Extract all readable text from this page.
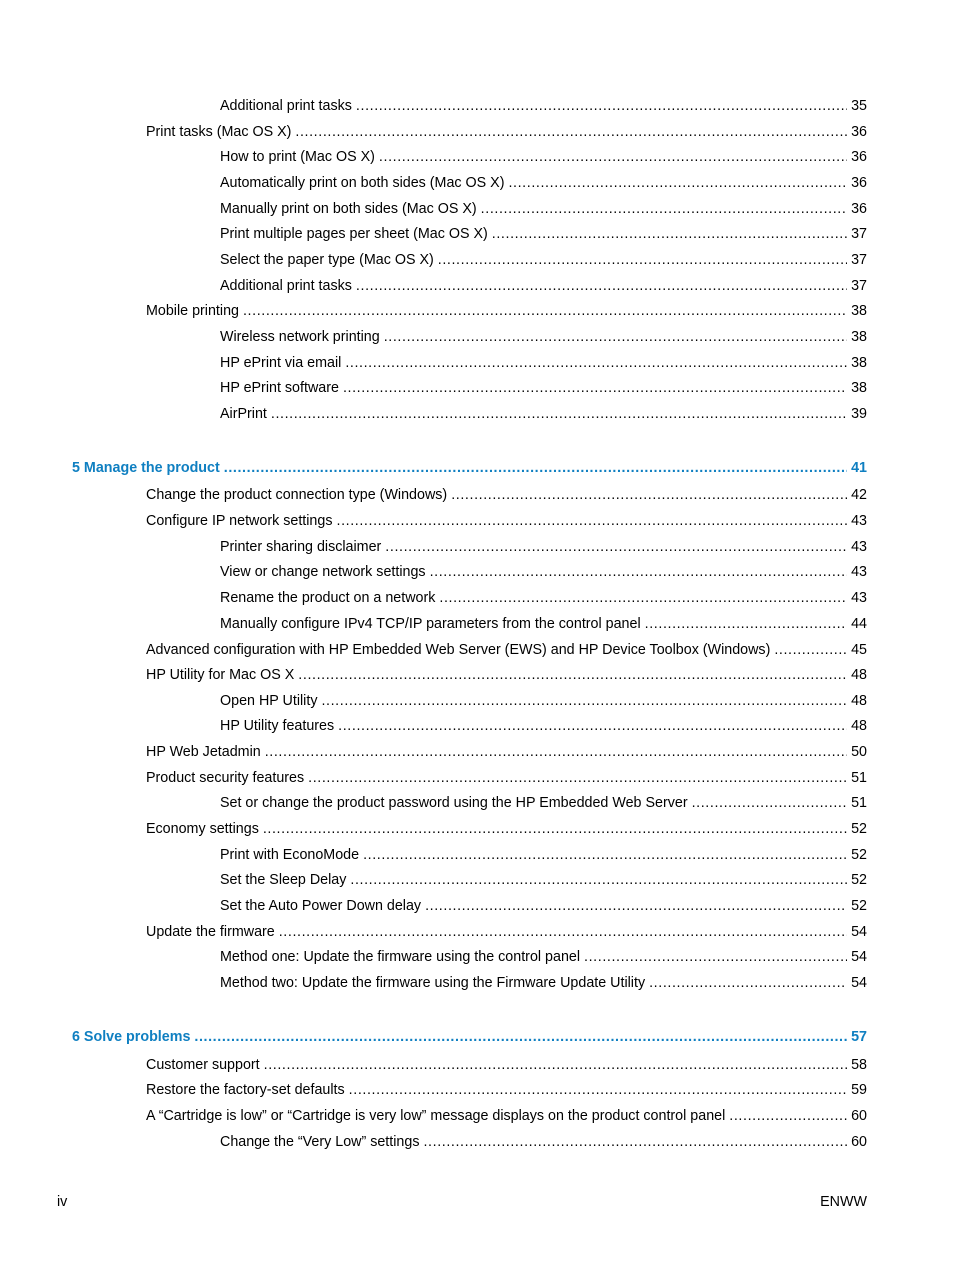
Additional print tasks .....	35
Print tasks (Mac OS X) .....	36
How to print (Mac OS X) .....	36
Automatically print on both sides (Mac OS X) .....	36
Manually print on both sides (Mac OS X) .....	36
Print multiple pages per sheet (Mac OS X) .....	37
Select the paper type (Mac OS X) .....	37
Additional print tasks .....	37
Mobile printing .....	38
Wireless network printing .....	38
HP ePrint via email .....	38
HP ePrint software .....	38
AirPrint .....	39
5 Manage the product .....	41
Change the product connection type (Windows) .....	42
Configure IP network settings .....	43
Printer sharing disclaimer .....	43
View or change network settings .....	43
Rename the product on a network .....	43
Manually configure IPv4 TCP/IP parameters from the control panel .....	44
Advanced configuration with HP Embedded Web Server (EWS) and HP Device Toolbox (Windows) .....	45
HP Utility for Mac OS X .....	48
Open HP Utility .....	48
HP Utility features .....	48
HP Web Jetadmin .....	50
Product security features .....	51
Set or change the product password using the HP Embedded Web Server .....	51
Economy settings .....	52
Print with EconoMode .....	52
Set the Sleep Delay .....	52
Set the Auto Power Down delay .....	52
Update the firmware .....	54
Method one: Update the firmware using the control panel .....	54
Method two: Update the firmware using the Firmware Update Utility .....	54
6 Solve problems .....	57
Customer support .....	58
Restore the factory-set defaults .....	59
A “Cartridge is low” or “Cartridge is very low” message displays on the product control panel .....	60
Change the “Very Low” settings .....	60
iv	ENWW
